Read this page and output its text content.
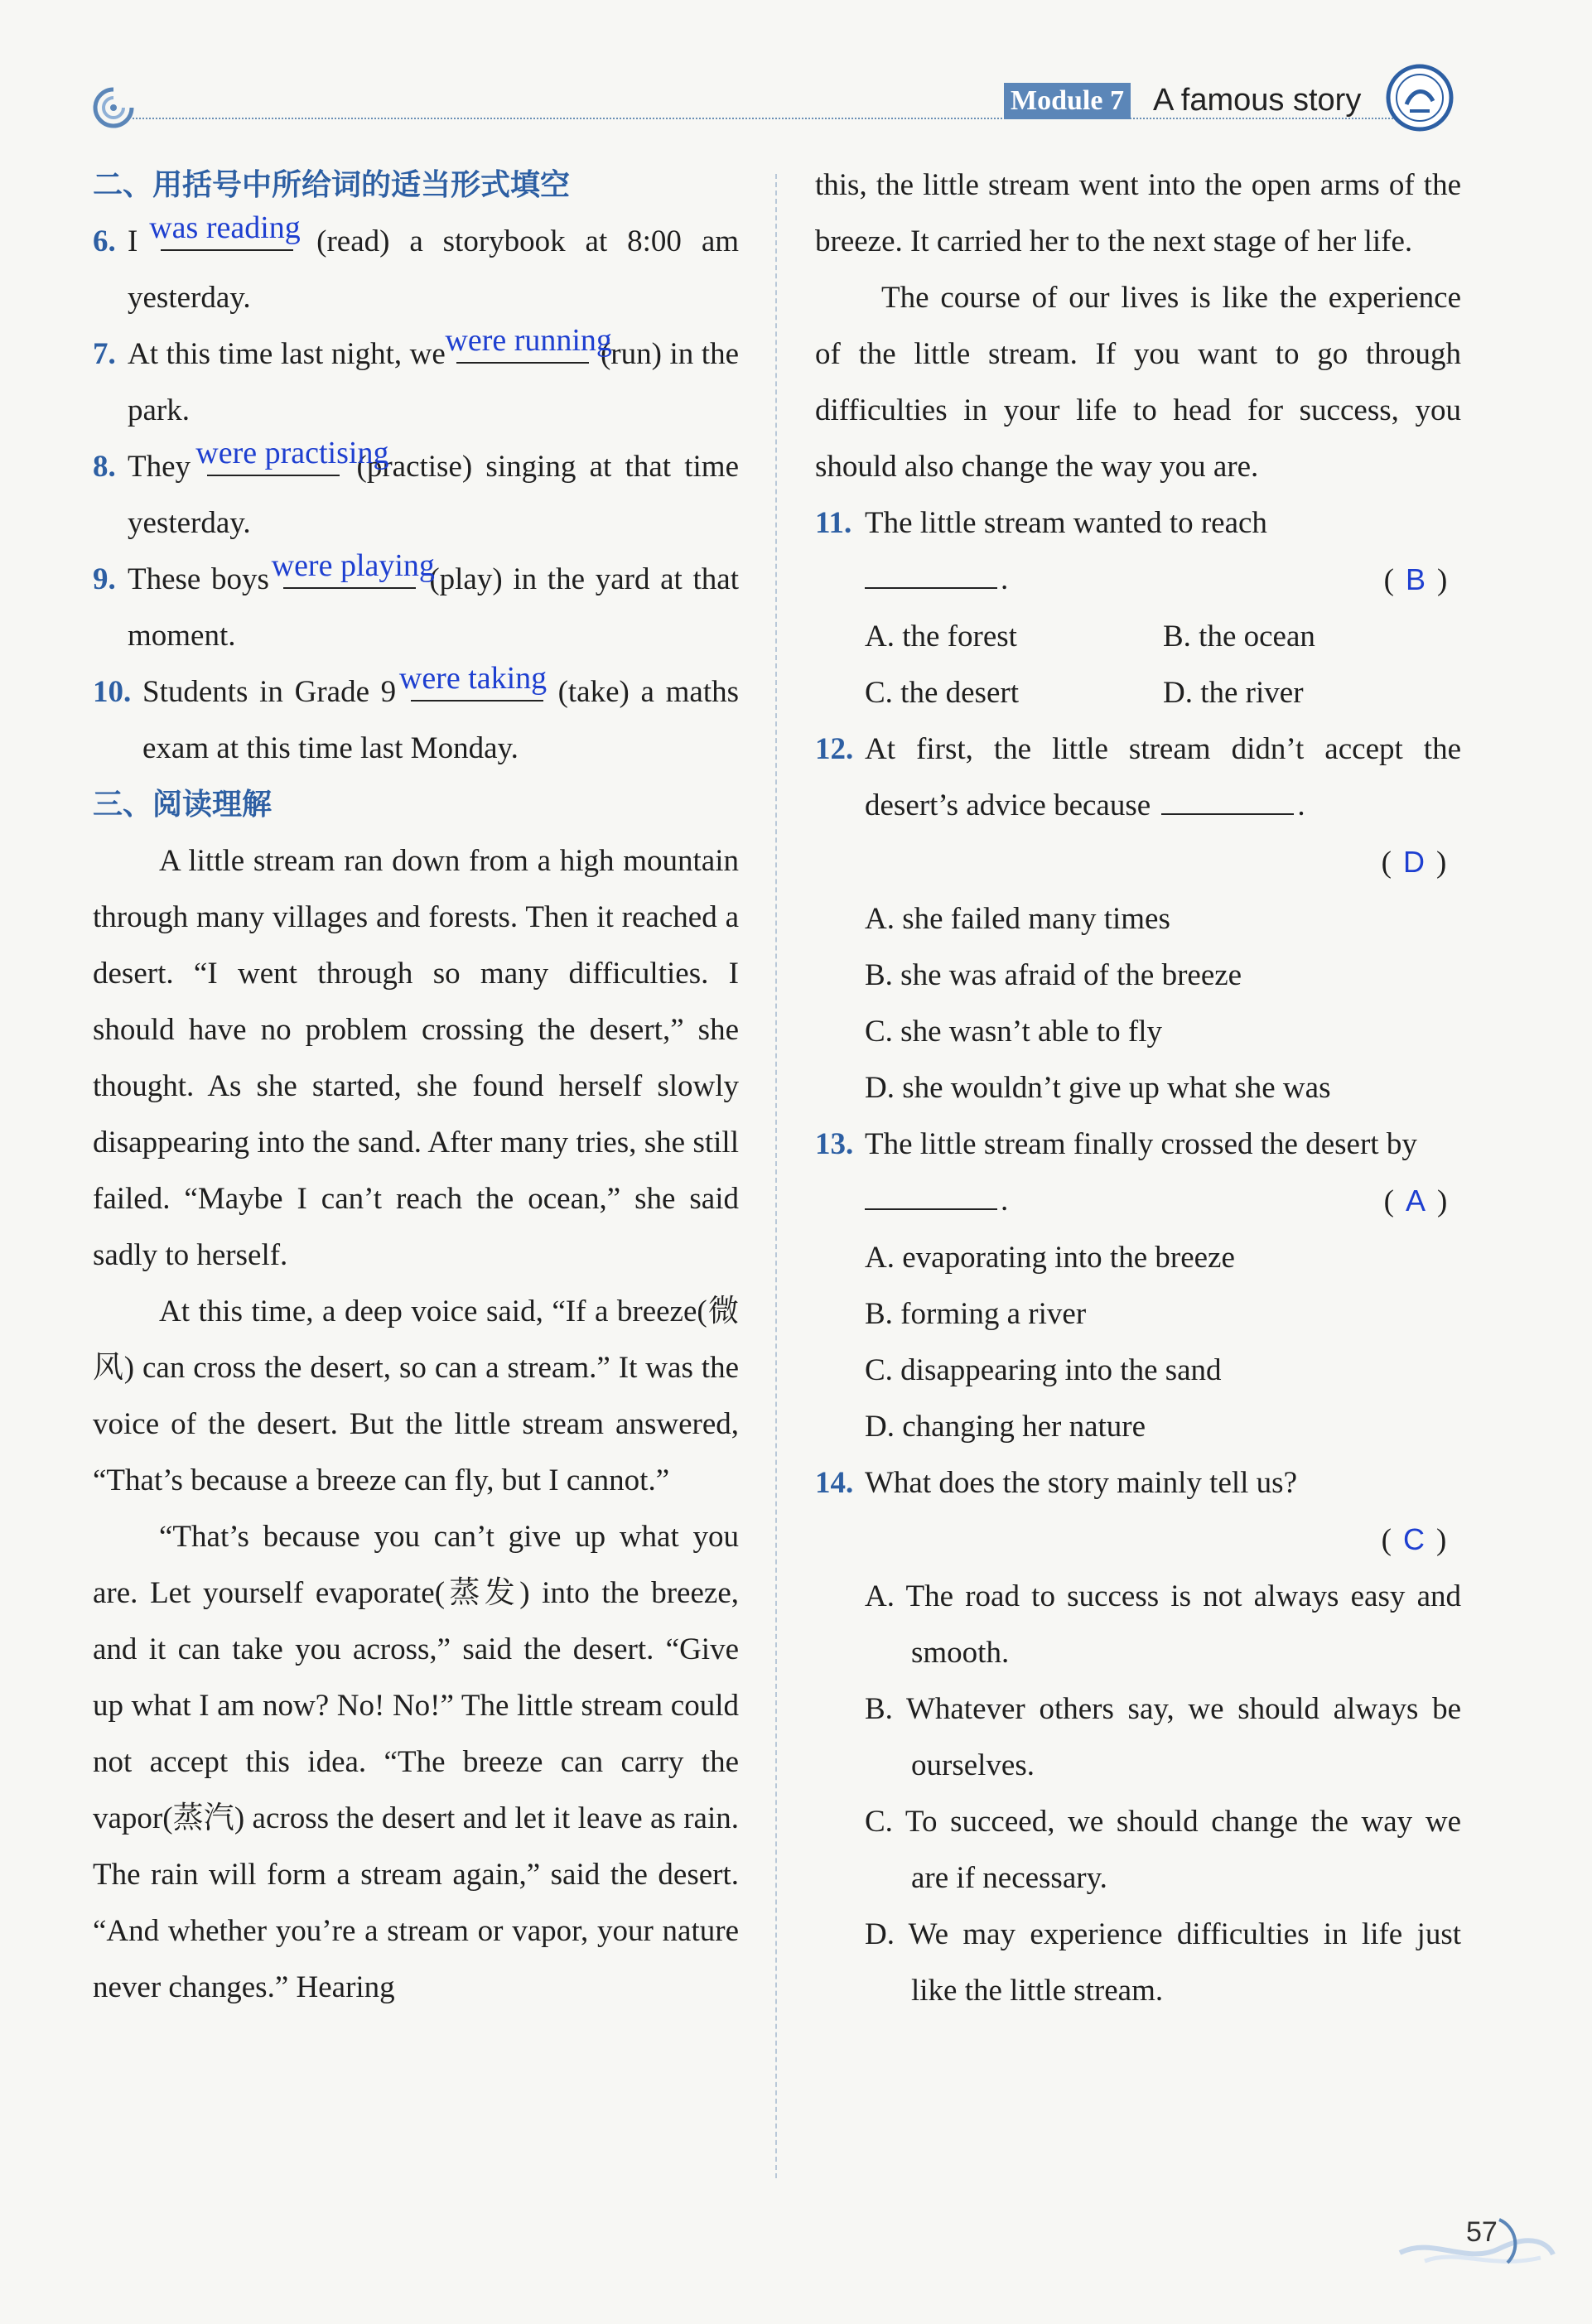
Module 7 A famous story
二、用括号中所给词的适当形式填空
6. I was reading (read) a storybook at 8:00 am yesterday.
7. At this time last night, we were running
(run) in the park.
8. They were practising
(practise) singing at that time yesterday.
9. These boys were playing
(play) in the yard at that moment.
10. Students in Grade 9 were taking (take) a maths exam at this time last Monday.
三、阅读理解
A little stream ran down from a high mountain through many villages and forests. Then it reached a desert. “I went through so many difficulties. I should have no problem crossing the desert,” she thought. As she started, she found herself slowly disappearing into the sand. After many tries, she still failed. “Maybe I can’t reach the ocean,” she said sadly to herself.
At this time, a deep voice said, “If a breeze(微风) can cross the desert, so can a stream.” It was the voice of the desert. But the little stream answered, “That’s because a breeze can fly, but I cannot.”
“That’s because you can’t give up what you are. Let yourself evaporate(蒸发) into the breeze, and it can take you across,” said the desert. “Give up what I am now? No! No!” The little stream could not accept this idea. “The breeze can carry the vapor(蒸汽) across the desert and let it leave as rain. The rain will form a stream again,” said the desert. “And whether you’re a stream or vapor, your nature never changes.” Hearing
this, the little stream went into the open arms of the breeze. It carried her to the next stage of her life.
The course of our lives is like the experience of the little stream. If you want to go through difficulties in your life to head for success, you should also change the way you are.
11. The little stream wanted to reach
.	( B )
A. the forest	B. the ocean
C. the desert	D. the river
12. At first, the little stream didn’t accept the desert’s advice because	.
( D )
A. she failed many times
B. she was afraid of the breeze
C. she wasn’t able to fly
D. she wouldn’t give up what she was
13. The little stream finally crossed the desert by
.	( A )
A. evaporating into the breeze
B. forming a river
C. disappearing into the sand
D. changing her nature
14. What does the story mainly tell us?
( C )
A. The road to success is not always easy and smooth.
B. Whatever others say, we should always be ourselves.
C. To succeed, we should change the way we are if necessary.
D. We may experience difficulties in life just like the little stream.
57
